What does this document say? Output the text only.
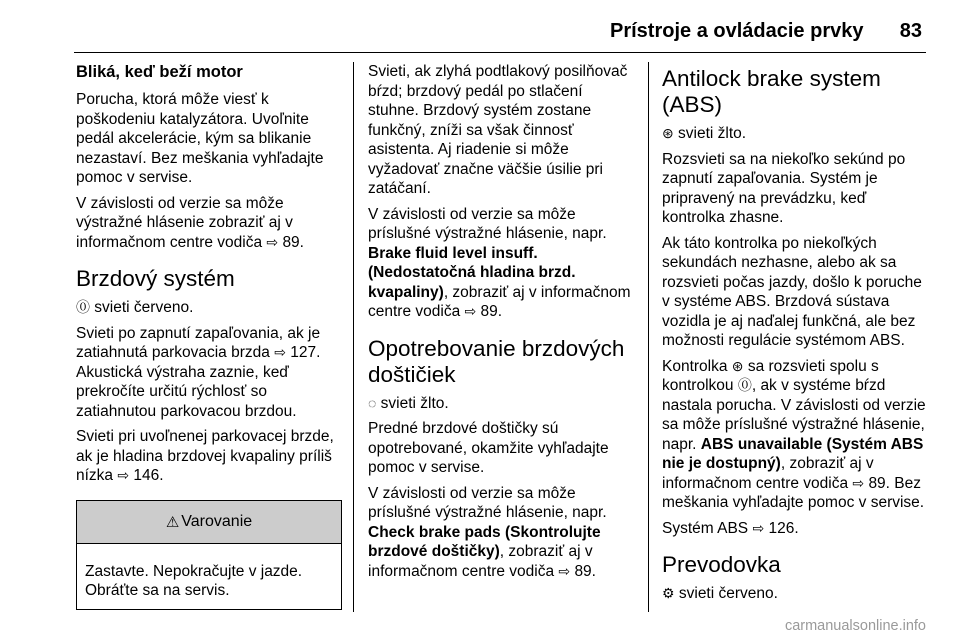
Prístroje a ovládacie prvky 83
Bliká, keď beží motor

Porucha, ktorá môže viesť k poškodeniu katalyzátora. Uvoľnite pedál akcelerácie, kým sa blikanie nezastaví. Bez meškania vyhľadajte pomoc v servise.

V závislosti od verzie sa môže výstražné hlásenie zobraziť aj v informačnom centre vodiča ⇨ 89.

Brzdový systém

⓪ svieti červeno.

Svieti po zapnutí zapaľovania, ak je zatiahnutá parkovacia brzda ⇨ 127. Akustická výstraha zaznie, keď prekročíte určitú rýchlosť so zatiahnutou parkovacou brzdou.

Svieti pri uvoľnenej parkovacej brzde, ak je hladina brzdovej kvapaliny príliš nízka ⇨ 146.

⚠ Varovanie

Zastavte. Nepokračujte v jazde. Obráťte sa na servis.

Svieti, ak zlyhá podtlakový posilňovač bŕzd; brzdový pedál po stlačení stuhne. Brzdový systém zostane funkčný, zníži sa však činnosť asistenta. Aj riadenie si môže vyžadovať značne väčšie úsilie pri zatáčaní.

V závislosti od verzie sa môže príslušné výstražné hlásenie, napr. Brake fluid level insuff. (Nedostatočná hladina brzd. kvapaliny), zobraziť aj v informačnom centre vodiča ⇨ 89.

Opotrebovanie brzdových doštičiek

◌ svieti žlto.

Predné brzdové doštičky sú opotrebované, okamžite vyhľadajte pomoc v servise.

V závislosti od verzie sa môže príslušné výstražné hlásenie, napr. Check brake pads (Skontrolujte brzdové doštičky), zobraziť aj v informačnom centre vodiča ⇨ 89.

Antilock brake system (ABS)

⊛ svieti žlto.

Rozsvieti sa na niekoľko sekúnd po zapnutí zapaľovania. Systém je pripravený na prevádzku, keď kontrolka zhasne.

Ak táto kontrolka po niekoľkých sekundách nezhasne, alebo ak sa rozsvieti počas jazdy, došlo k poruche v systéme ABS. Brzdová sústava vozidla je aj naďalej funkčná, ale bez možnosti regulácie systémom ABS.

Kontrolka ⊛ sa rozsvieti spolu s kontrolkou ⓪, ak v systéme bŕzd nastala porucha. V závislosti od verzie sa môže príslušné výstražné hlásenie, napr. ABS unavailable (Systém ABS nie je dostupný), zobraziť aj v informačnom centre vodiča ⇨ 89. Bez meškania vyhľadajte pomoc v servise.

Systém ABS ⇨ 126.

Prevodovka

⚙ svieti červeno.

carmanualsonline.info
